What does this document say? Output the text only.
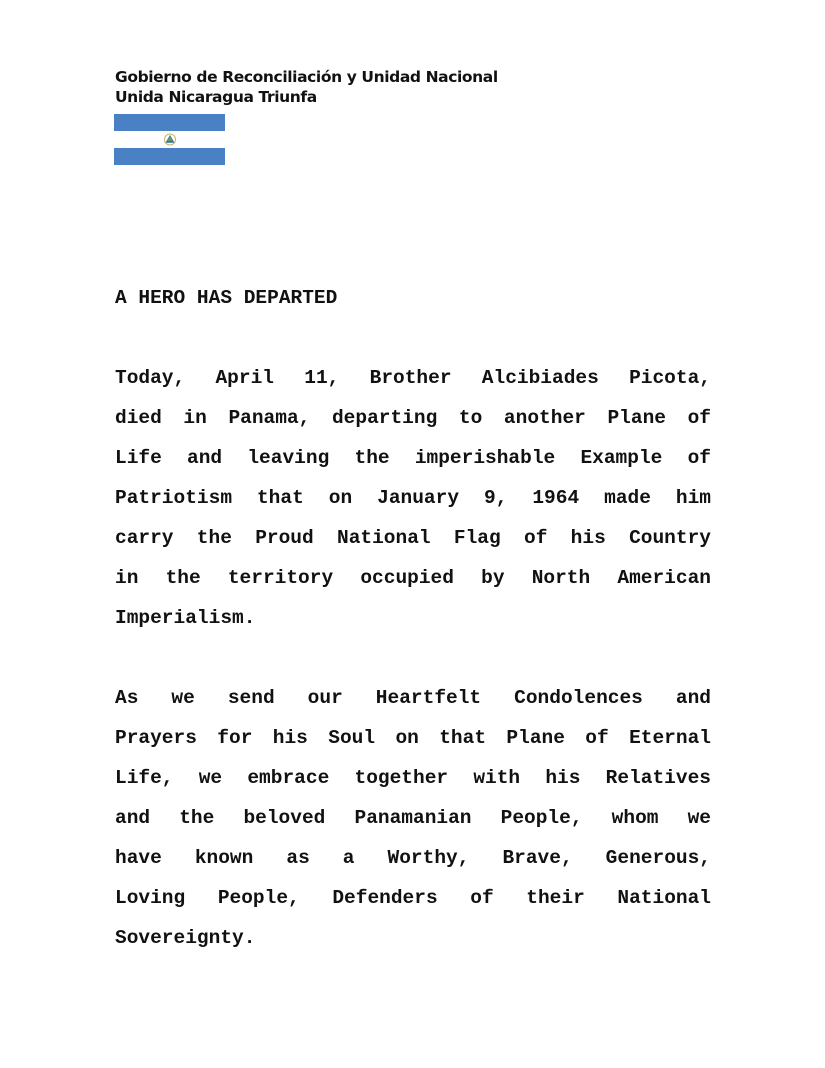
Gobierno de Reconciliación y Unidad Nacional
Unida Nicaragua Triunfa
A HERO HAS DEPARTED
Today, April 11, Brother Alcibiades Picota,
died in Panama, departing to another Plane of
Life and leaving the imperishable Example of
Patriotism that on January 9, 1964 made him
carry the Proud National Flag of his Country
in the territory occupied by North American
Imperialism.
As we send our Heartfelt Condolences and
Prayers for his Soul on that Plane of Eternal
Life, we embrace together with his Relatives
and the beloved Panamanian People, whom we
have known as a Worthy, Brave, Generous,
Loving People, Defenders of their National
Sovereignty.
